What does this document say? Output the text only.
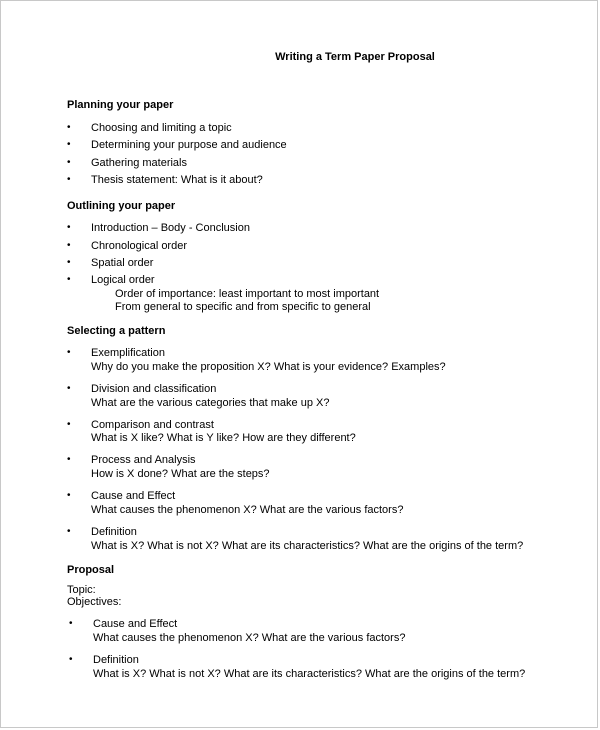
Writing a Term Paper Proposal
Planning your paper
• Choosing and limiting a topic
• Determining your purpose and audience
• Gathering materials
• Thesis statement: What is it about?
Outlining your paper
• Introduction – Body - Conclusion
• Chronological order
• Spatial order
• Logical order
Order of importance: least important to most important
From general to specific and from specific to general
Selecting a pattern
• Exemplification
Why do you make the proposition X? What is your evidence? Examples?
• Division and classification
What are the various categories that make up X?
• Comparison and contrast
What is X like? What is Y like? How are they different?
• Process and Analysis
How is X done? What are the steps?
• Cause and Effect
What causes the phenomenon X? What are the various factors?
• Definition
What is X? What is not X? What are its characteristics? What are the origins of the term?
Proposal
Topic:
Objectives:
• Cause and Effect
What causes the phenomenon X? What are the various factors?
• Definition
What is X? What is not X? What are its characteristics? What are the origins of the term?
